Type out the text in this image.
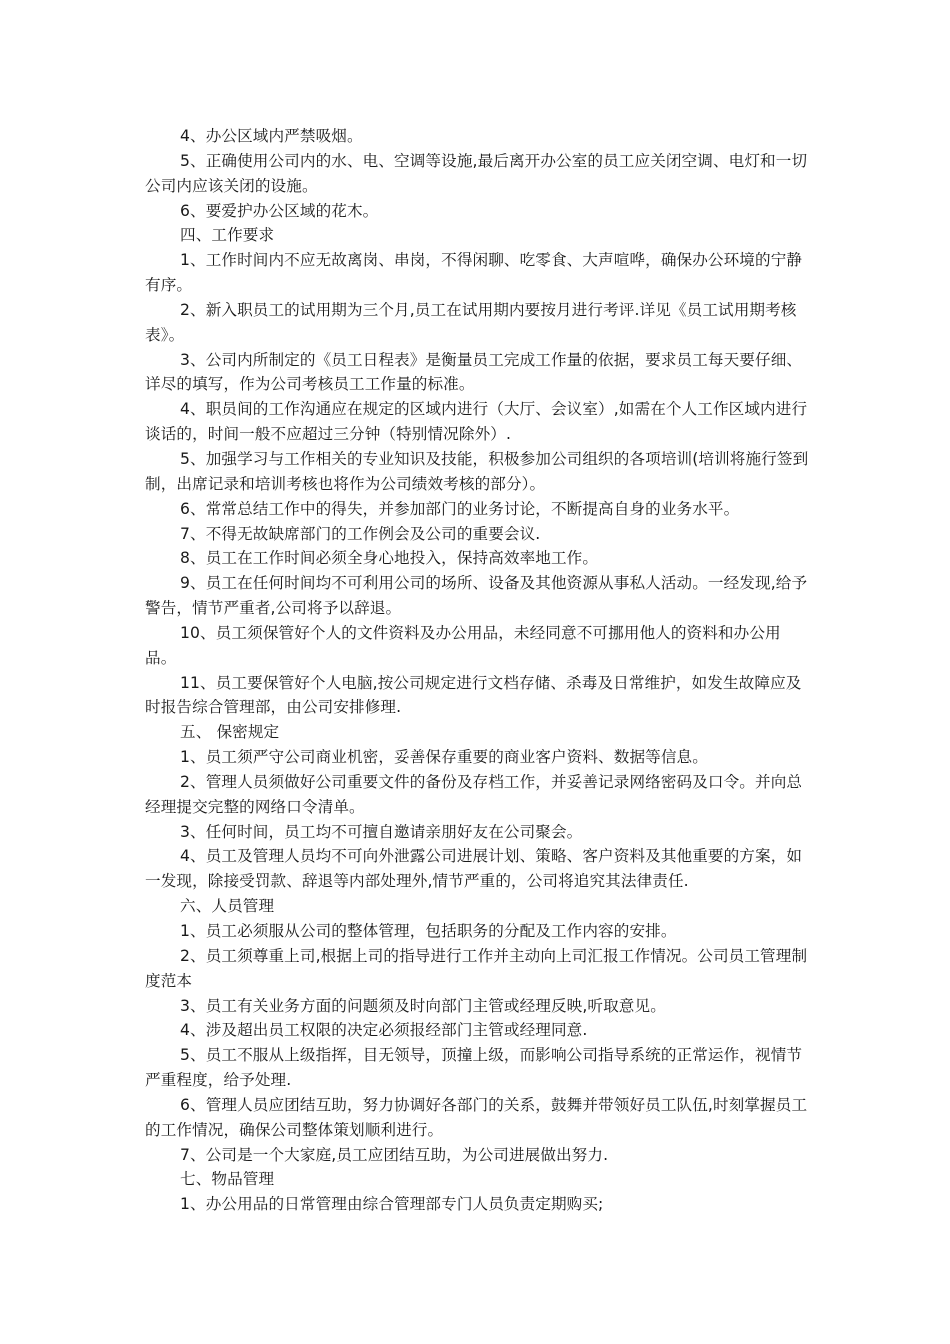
4、办公区域内严禁吸烟。

5、正确使用公司内的水、电、空调等设施,最后离开办公室的员工应关闭空调、电灯和一切公司内应该关闭的设施。

6、要爱护办公区域的花木。

四、工作要求

1、工作时间内不应无故离岗、串岗，不得闲聊、吃零食、大声喧哗，确保办公环境的宁静有序。

2、新入职员工的试用期为三个月,员工在试用期内要按月进行考评.详见《员工试用期考核表》。

3、公司内所制定的《员工日程表》是衡量员工完成工作量的依据，要求员工每天要仔细、详尽的填写，作为公司考核员工工作量的标准。

4、职员间的工作沟通应在规定的区域内进行（大厅、会议室）,如需在个人工作区域内进行谈话的，时间一般不应超过三分钟（特别情况除外）.

5、加强学习与工作相关的专业知识及技能，积极参加公司组织的各项培训(培训将施行签到制，出席记录和培训考核也将作为公司绩效考核的部分）。

6、常常总结工作中的得失，并参加部门的业务讨论，不断提高自身的业务水平。

7、不得无故缺席部门的工作例会及公司的重要会议.

8、员工在工作时间必须全身心地投入，保持高效率地工作。

9、员工在任何时间均不可利用公司的场所、设备及其他资源从事私人活动。一经发现,给予警告，情节严重者,公司将予以辞退。

10、员工须保管好个人的文件资料及办公用品，未经同意不可挪用他人的资料和办公用品。

11、员工要保管好个人电脑,按公司规定进行文档存储、杀毒及日常维护，如发生故障应及时报告综合管理部，由公司安排修理.

五、 保密规定

1、员工须严守公司商业机密，妥善保存重要的商业客户资料、数据等信息。

2、管理人员须做好公司重要文件的备份及存档工作，并妥善记录网络密码及口令。并向总经理提交完整的网络口令清单。

3、任何时间，员工均不可擅自邀请亲朋好友在公司聚会。

4、员工及管理人员均不可向外泄露公司进展计划、策略、客户资料及其他重要的方案，如一发现，除接受罚款、辞退等内部处理外,情节严重的，公司将追究其法律责任.

六、人员管理

1、员工必须服从公司的整体管理，包括职务的分配及工作内容的安排。

2、员工须尊重上司,根据上司的指导进行工作并主动向上司汇报工作情况。公司员工管理制度范本

3、员工有关业务方面的问题须及时向部门主管或经理反映,听取意见。

4、涉及超出员工权限的决定必须报经部门主管或经理同意.

5、员工不服从上级指挥，目无领导，顶撞上级，而影响公司指导系统的正常运作，视情节严重程度，给予处理.

6、管理人员应团结互助，努力协调好各部门的关系，鼓舞并带领好员工队伍,时刻掌握员工的工作情况，确保公司整体策划顺利进行。

7、公司是一个大家庭,员工应团结互助，为公司进展做出努力.

七、物品管理

1、办公用品的日常管理由综合管理部专门人员负责定期购买;
